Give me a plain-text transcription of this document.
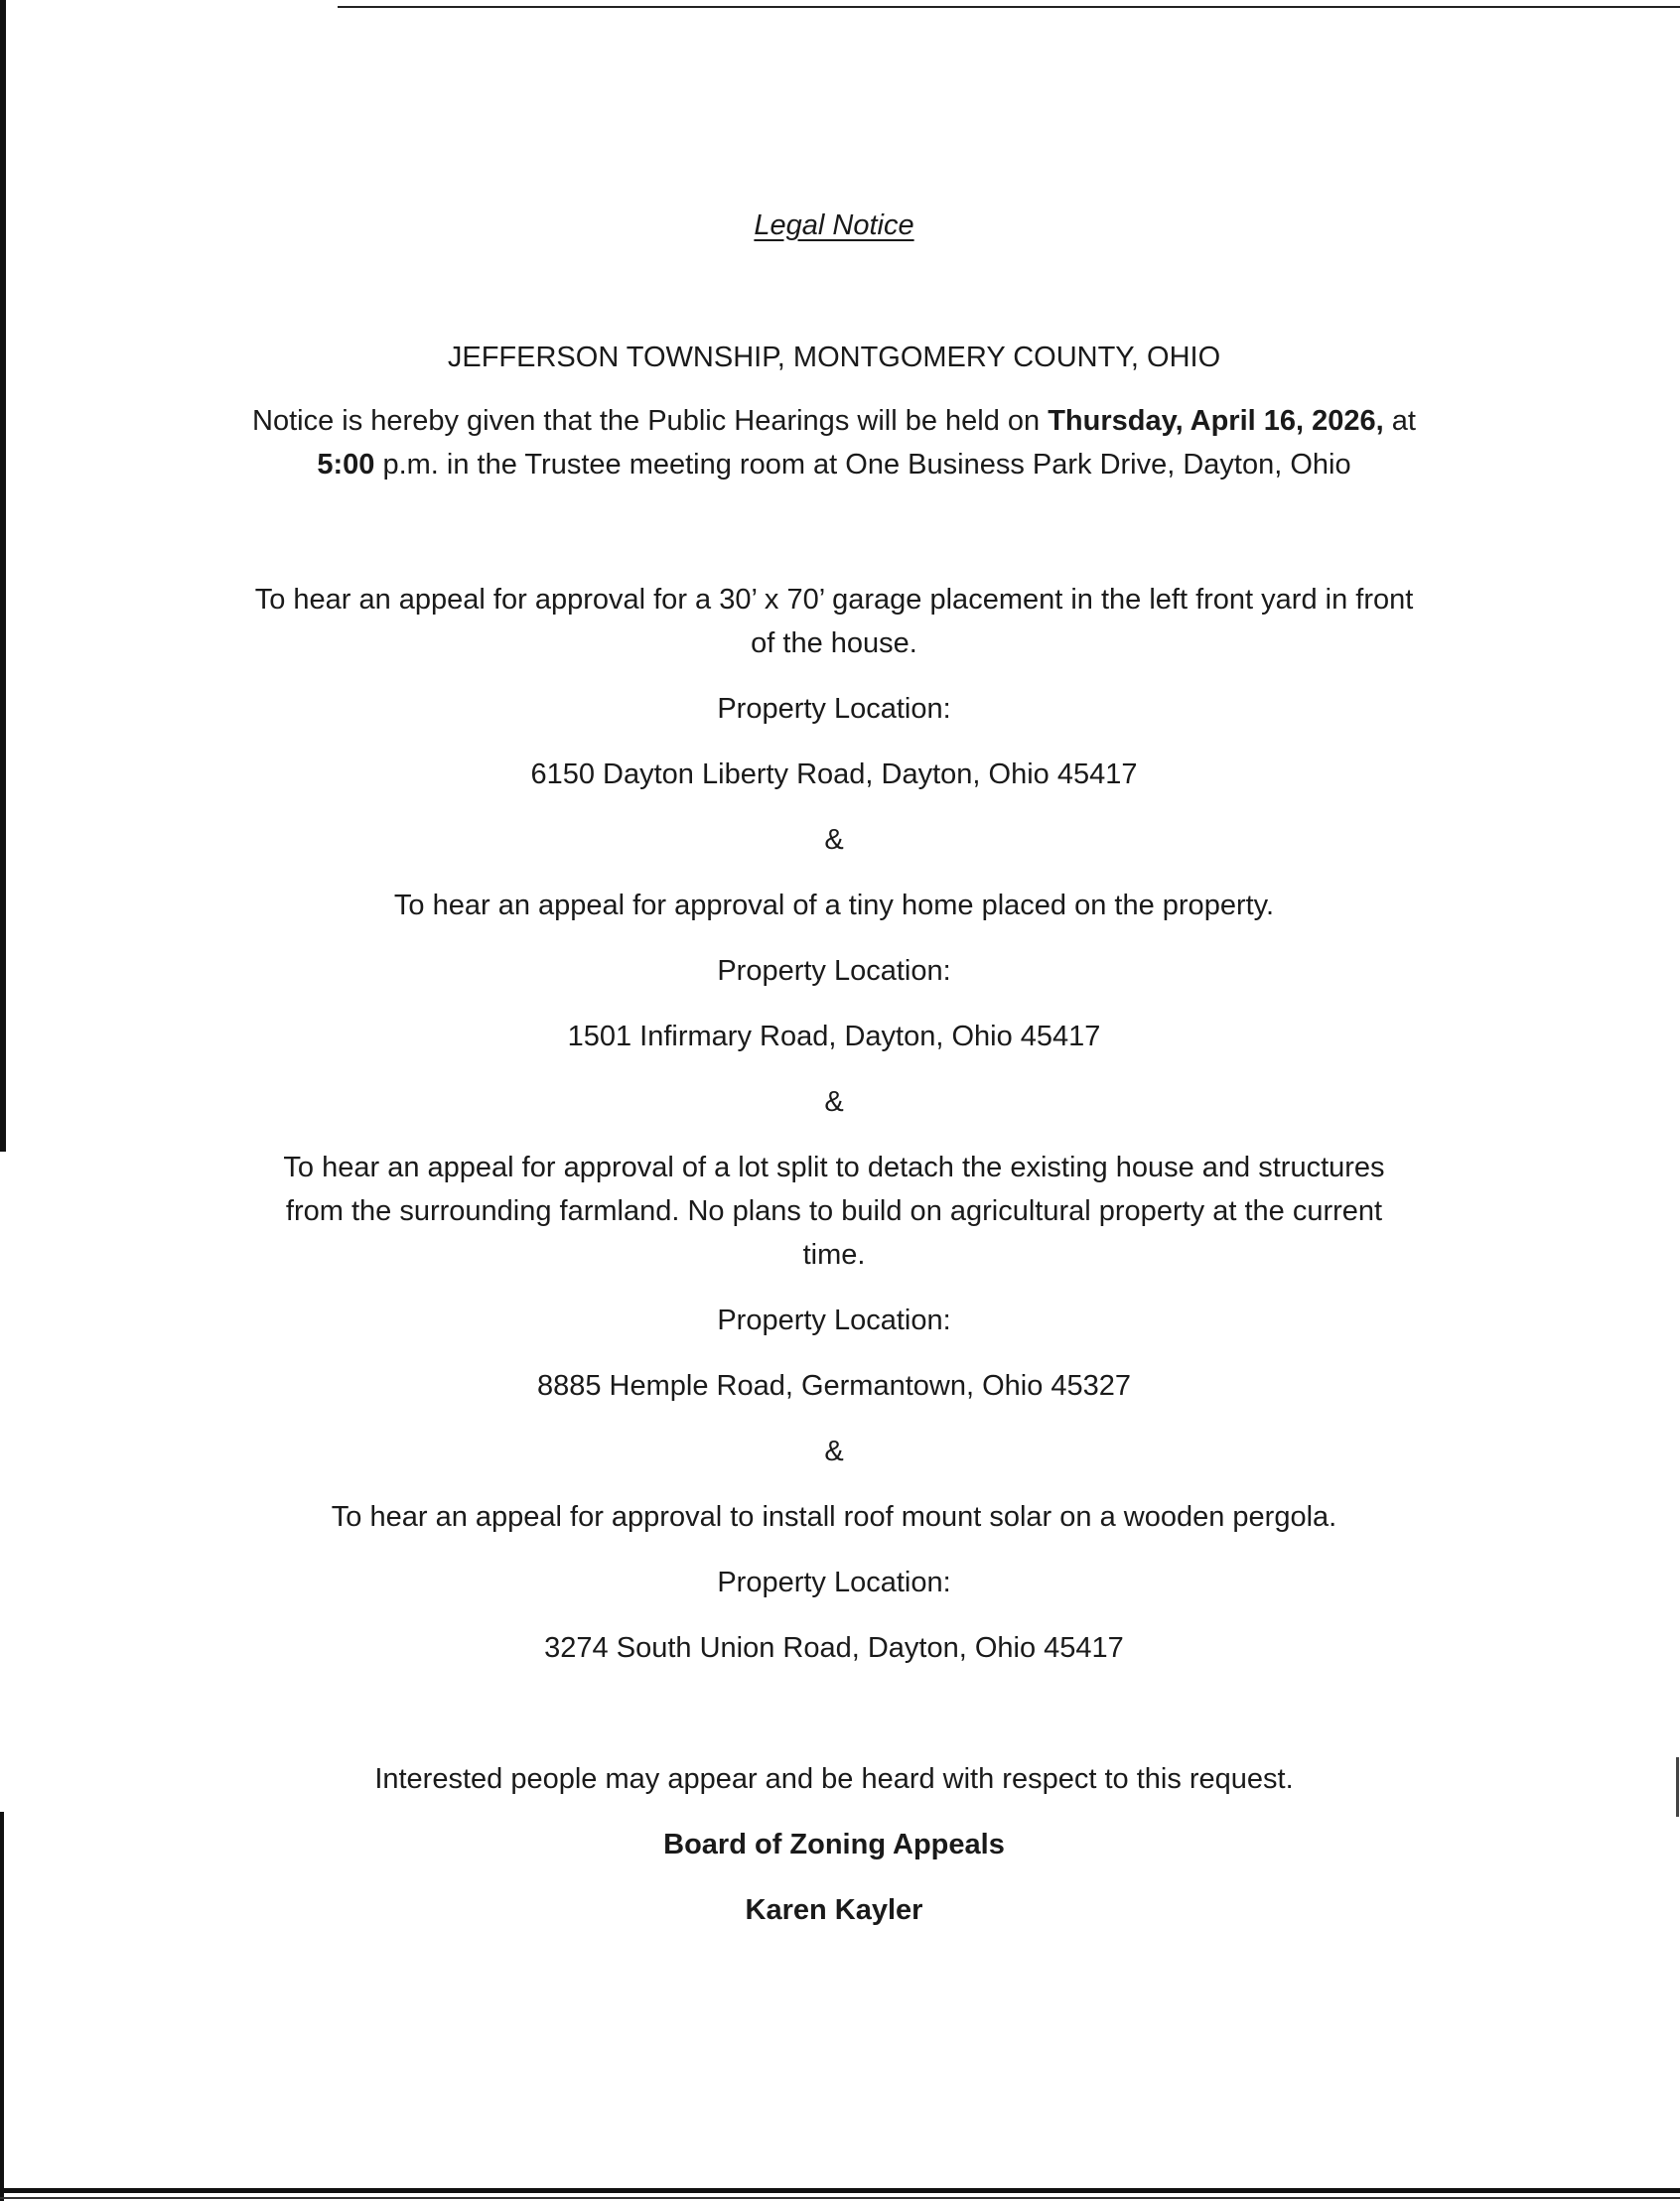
Legal Notice
JEFFERSON TOWNSHIP, MONTGOMERY COUNTY, OHIO
Notice is hereby given that the Public Hearings will be held on Thursday, April 16, 2026, at
5:00 p.m. in the Trustee meeting room at One Business Park Drive, Dayton, Ohio
To hear an appeal for approval for a 30’ x 70’ garage placement in the left front yard in front
of the house.
Property Location:
6150 Dayton Liberty Road, Dayton, Ohio 45417
&
To hear an appeal for approval of a tiny home placed on the property.
Property Location:
1501 Infirmary Road, Dayton, Ohio 45417
&
To hear an appeal for approval of a lot split to detach the existing house and structures
from the surrounding farmland. No plans to build on agricultural property at the current
time.
Property Location:
8885 Hemple Road, Germantown, Ohio 45327
&
To hear an appeal for approval to install roof mount solar on a wooden pergola.
Property Location:
3274 South Union Road, Dayton, Ohio 45417
Interested people may appear and be heard with respect to this request.
Board of Zoning Appeals
Karen Kayler
